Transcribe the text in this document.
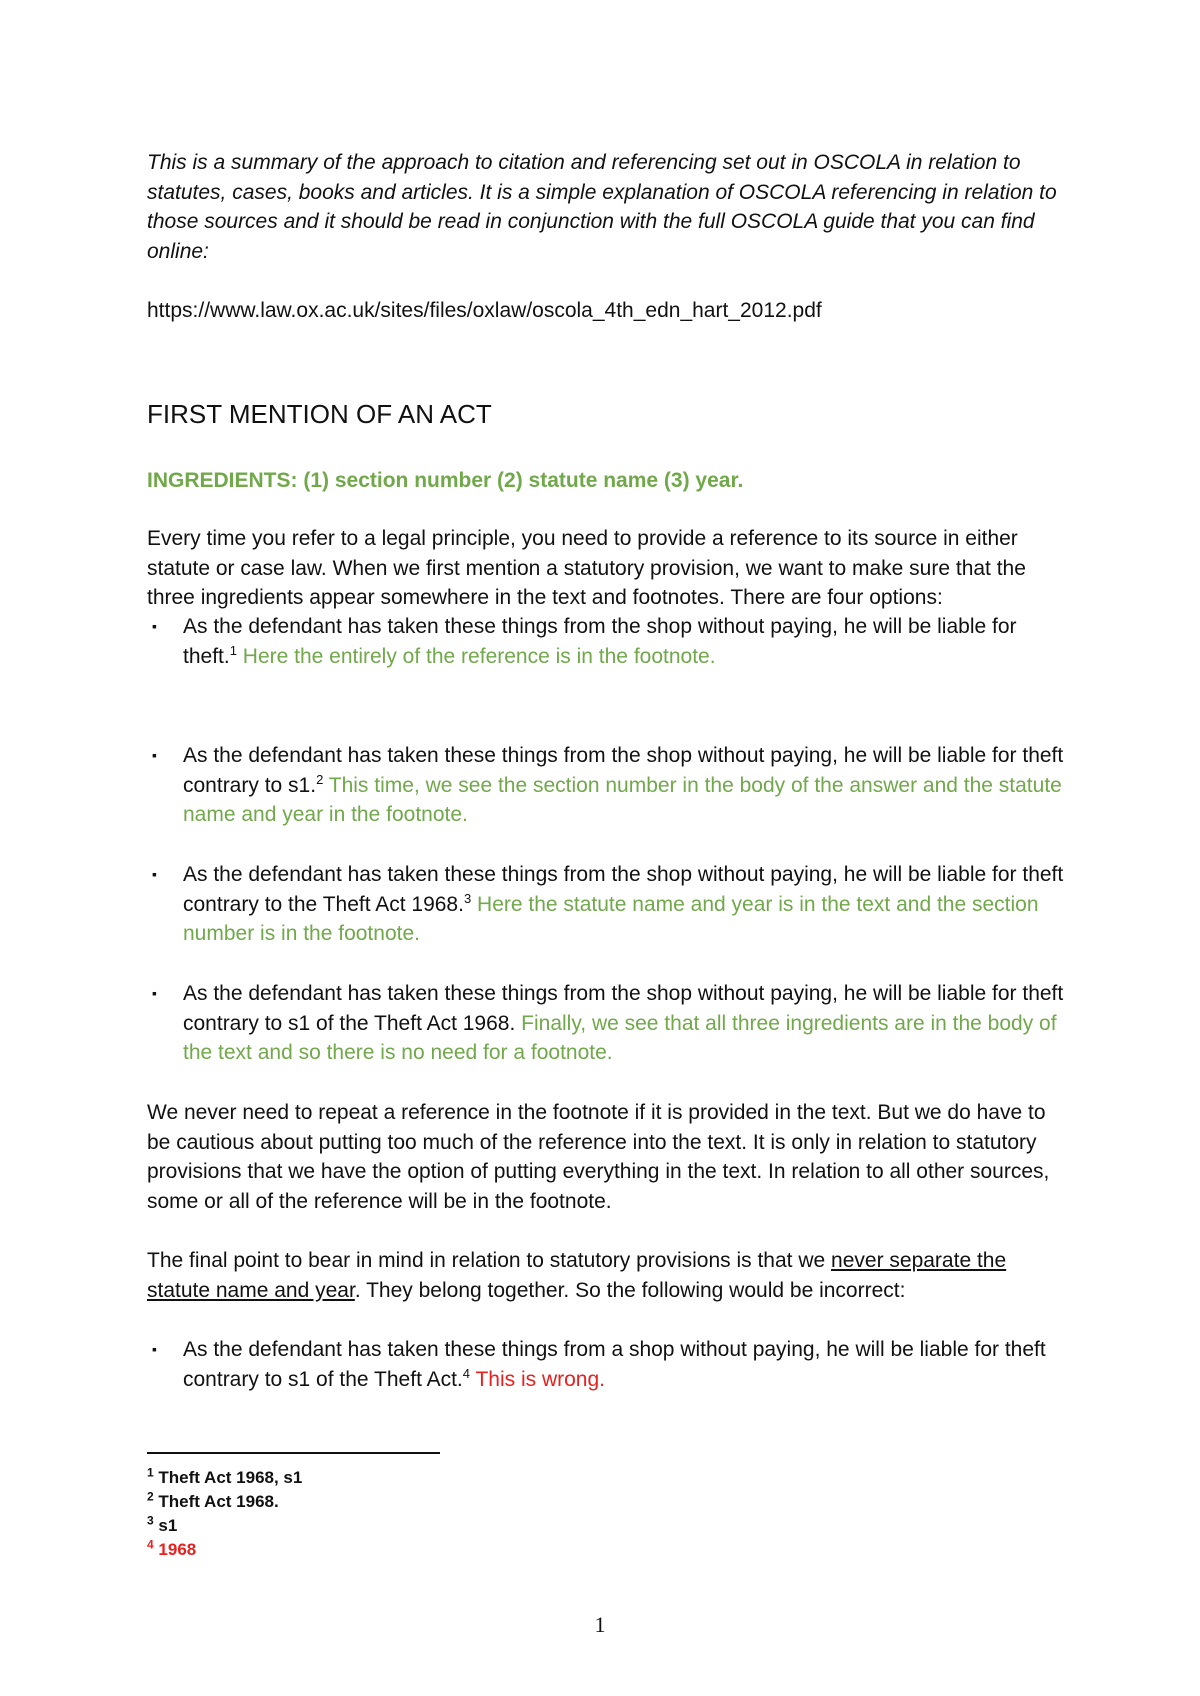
This is a summary of the approach to citation and referencing set out in OSCOLA in relation to statutes, cases, books and articles. It is a simple explanation of OSCOLA referencing in relation to those sources and it should be read in conjunction with the full OSCOLA guide that you can find online:
https://www.law.ox.ac.uk/sites/files/oxlaw/oscola_4th_edn_hart_2012.pdf
FIRST MENTION OF AN ACT
INGREDIENTS: (1) section number (2) statute name (3) year.
Every time you refer to a legal principle, you need to provide a reference to its source in either statute or case law. When we first mention a statutory provision, we want to make sure that the three ingredients appear somewhere in the text and footnotes. There are four options:
▪ As the defendant has taken these things from the shop without paying, he will be liable for theft.$^1$ Here the entirely of the reference is in the footnote.
▪ As the defendant has taken these things from the shop without paying, he will be liable for theft contrary to s1.$^2$ This time, we see the section number in the body of the answer and the statute name and year in the footnote.
▪ As the defendant has taken these things from the shop without paying, he will be liable for theft contrary to the Theft Act 1968.$^3$ Here the statute name and year is in the text and the section number is in the footnote.
▪ As the defendant has taken these things from the shop without paying, he will be liable for theft contrary to s1 of the Theft Act 1968. Finally, we see that all three ingredients are in the body of the text and so there is no need for a footnote.
We never need to repeat a reference in the footnote if it is provided in the text. But we do have to be cautious about putting too much of the reference into the text. It is only in relation to statutory provisions that we have the option of putting everything in the text. In relation to all other sources, some or all of the reference will be in the footnote.
The final point to bear in mind in relation to statutory provisions is that we never separate the statute name and year. They belong together. So the following would be incorrect:
▪ As the defendant has taken these things from a shop without paying, he will be liable for theft contrary to s1 of the Theft Act.$^4$ This is wrong.
$^1$ Theft Act 1968, s1
$^2$ Theft Act 1968.
$^3$ s1
$^4$ 1968
1
